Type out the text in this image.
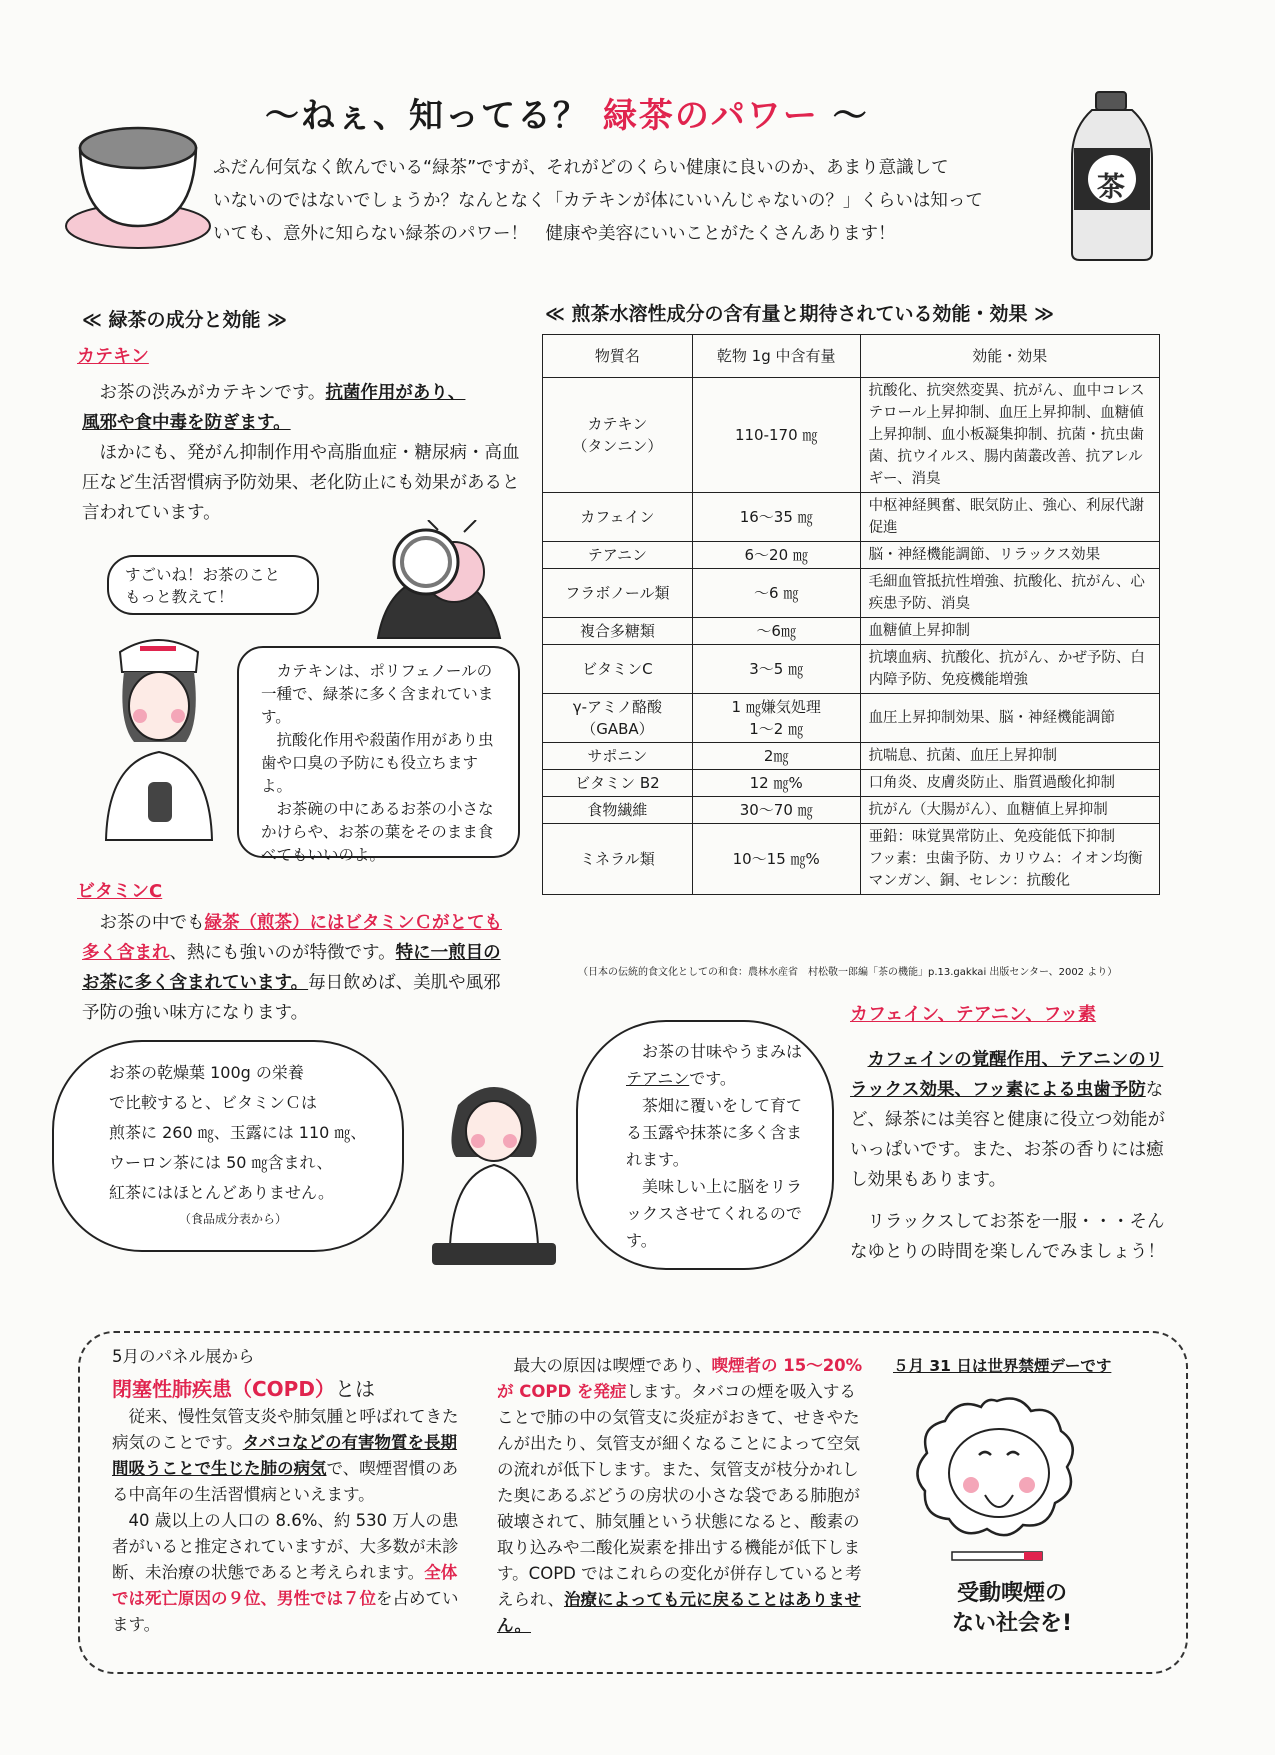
～ねぇ、知ってる？ 緑茶のパワー ～
茶

ふだん何気なく飲んでいる“緑茶”ですが、それがどのくらい健康に良いのか、あまり意識して

いないのではないでしょうか？なんとなく「カテキンが体にいいんじゃないの？」くらいは知って

いても、意外に知らない緑茶のパワー！　健康や美容にいいことがたくさんあります！

≪ 緑茶の成分と効能 ≫
カテキン

お茶の渋みがカテキンです。抗菌作用があり、

風邪や食中毒を防ぎます。

ほかにも、発がん抑制作用や高脂血症・糖尿病・高血圧など生活習慣病予防効果、老化防止にも効果があると言われています。

すごいね！お茶のこと
もっと教えて！
カテキンは、ポリフェノールの一種で、緑茶に多く含まれています。
抗酸化作用や殺菌作用があり虫歯や口臭の予防にも役立ちますよ。
お茶碗の中にあるお茶の小さなかけらや、お茶の葉をそのまま食べてもいいのよ。
ビタミンC

お茶の中でも緑茶（煎茶）にはビタミンＣがとても多く含まれ、熱にも強いのが特徴です。特に一煎目のお茶に多く含まれています。毎日飲めば、美肌や風邪予防の強い味方になります。

≪ 煎茶水溶性成分の含有量と期待されている効能・効果 ≫
物質名	乾物 1g 中含有量	効能・効果
カテキン
（タンニン）	110-170 ㎎	抗酸化、抗突然変異、抗がん、血中コレステロール上昇抑制、血圧上昇抑制、血糖値上昇抑制、血小板凝集抑制、抗菌・抗虫歯菌、抗ウイルス、腸内菌叢改善、抗アレルギー、消臭
カフェイン	16～35 ㎎	中枢神経興奮、眠気防止、強心、利尿代謝促進
テアニン	6～20 ㎎	脳・神経機能調節、リラックス効果
フラボノール類	～6 ㎎	毛細血管抵抗性増強、抗酸化、抗がん、心疾患予防、消臭
複合多糖類	～6㎎	血糖値上昇抑制
ビタミンC	3～5 ㎎	抗壊血病、抗酸化、抗がん、かぜ予防、白内障予防、免疫機能増強
γ-アミノ酪酸
（GABA）	1 ㎎嫌気処理
1～2 ㎎	血圧上昇抑制効果、脳・神経機能調節
サポニン	2㎎	抗喘息、抗菌、血圧上昇抑制
ビタミン B2	12 ㎎%	口角炎、皮膚炎防止、脂質過酸化抑制
食物繊維	30～70 ㎎	抗がん（大腸がん）、血糖値上昇抑制
ミネラル類	10～15 ㎎%	亜鉛：味覚異常防止、免疫能低下抑制
フッ素：虫歯予防、カリウム：イオン均衡
マンガン、銅、セレン：抗酸化
（日本の伝統的食文化としての和食：農林水産省　村松敬一郎編「茶の機能」p.13.gakkai 出版センター、2002 より）
お茶の乾燥葉 100g の栄養
で比較すると、ビタミンＣは
煎茶に 260 ㎎、玉露には 110 ㎎、
ウーロン茶には 50 ㎎含まれ、
紅茶にはほとんどありません。
（食品成分表から）
お茶の甘味やうまみはテアニンです。
茶畑に覆いをして育てる玉露や抹茶に多く含まれます。
美味しい上に脳をリラックスさせてくれるのです。
カフェイン、テアニン、フッ素

カフェインの覚醒作用、テアニンのリラックス効果、フッ素による虫歯予防など、緑茶には美容と健康に役立つ効能がいっぱいです。また、お茶の香りには癒し効果もあります。

リラックスしてお茶を一服・・・そんなゆとりの時間を楽しんでみましょう！

5月のパネル展から
閉塞性肺疾患（COPD）とは

従来、慢性気管支炎や肺気腫と呼ばれてきた病気のことです。タバコなどの有害物質を長期間吸うことで生じた肺の病気で、喫煙習慣のある中高年の生活習慣病といえます。

40 歳以上の人口の 8.6%、約 530 万人の患者がいると推定されていますが、大多数が未診断、未治療の状態であると考えられます。全体では死亡原因の９位、男性では７位を占めています。

最大の原因は喫煙であり、喫煙者の 15～20%が COPD を発症します。タバコの煙を吸入することで肺の中の気管支に炎症がおきて、せきやたんが出たり、気管支が細くなることによって空気の流れが低下します。また、気管支が枝分かれした奥にあるぶどうの房状の小さな袋である肺胞が破壊されて、肺気腫という状態になると、酸素の取り込みや二酸化炭素を排出する機能が低下します。COPD ではこれらの変化が併存していると考えられ、治療によっても元に戻ることはありません。

５月 31 日は世界禁煙デーです
受動喫煙の
ない社会を!
